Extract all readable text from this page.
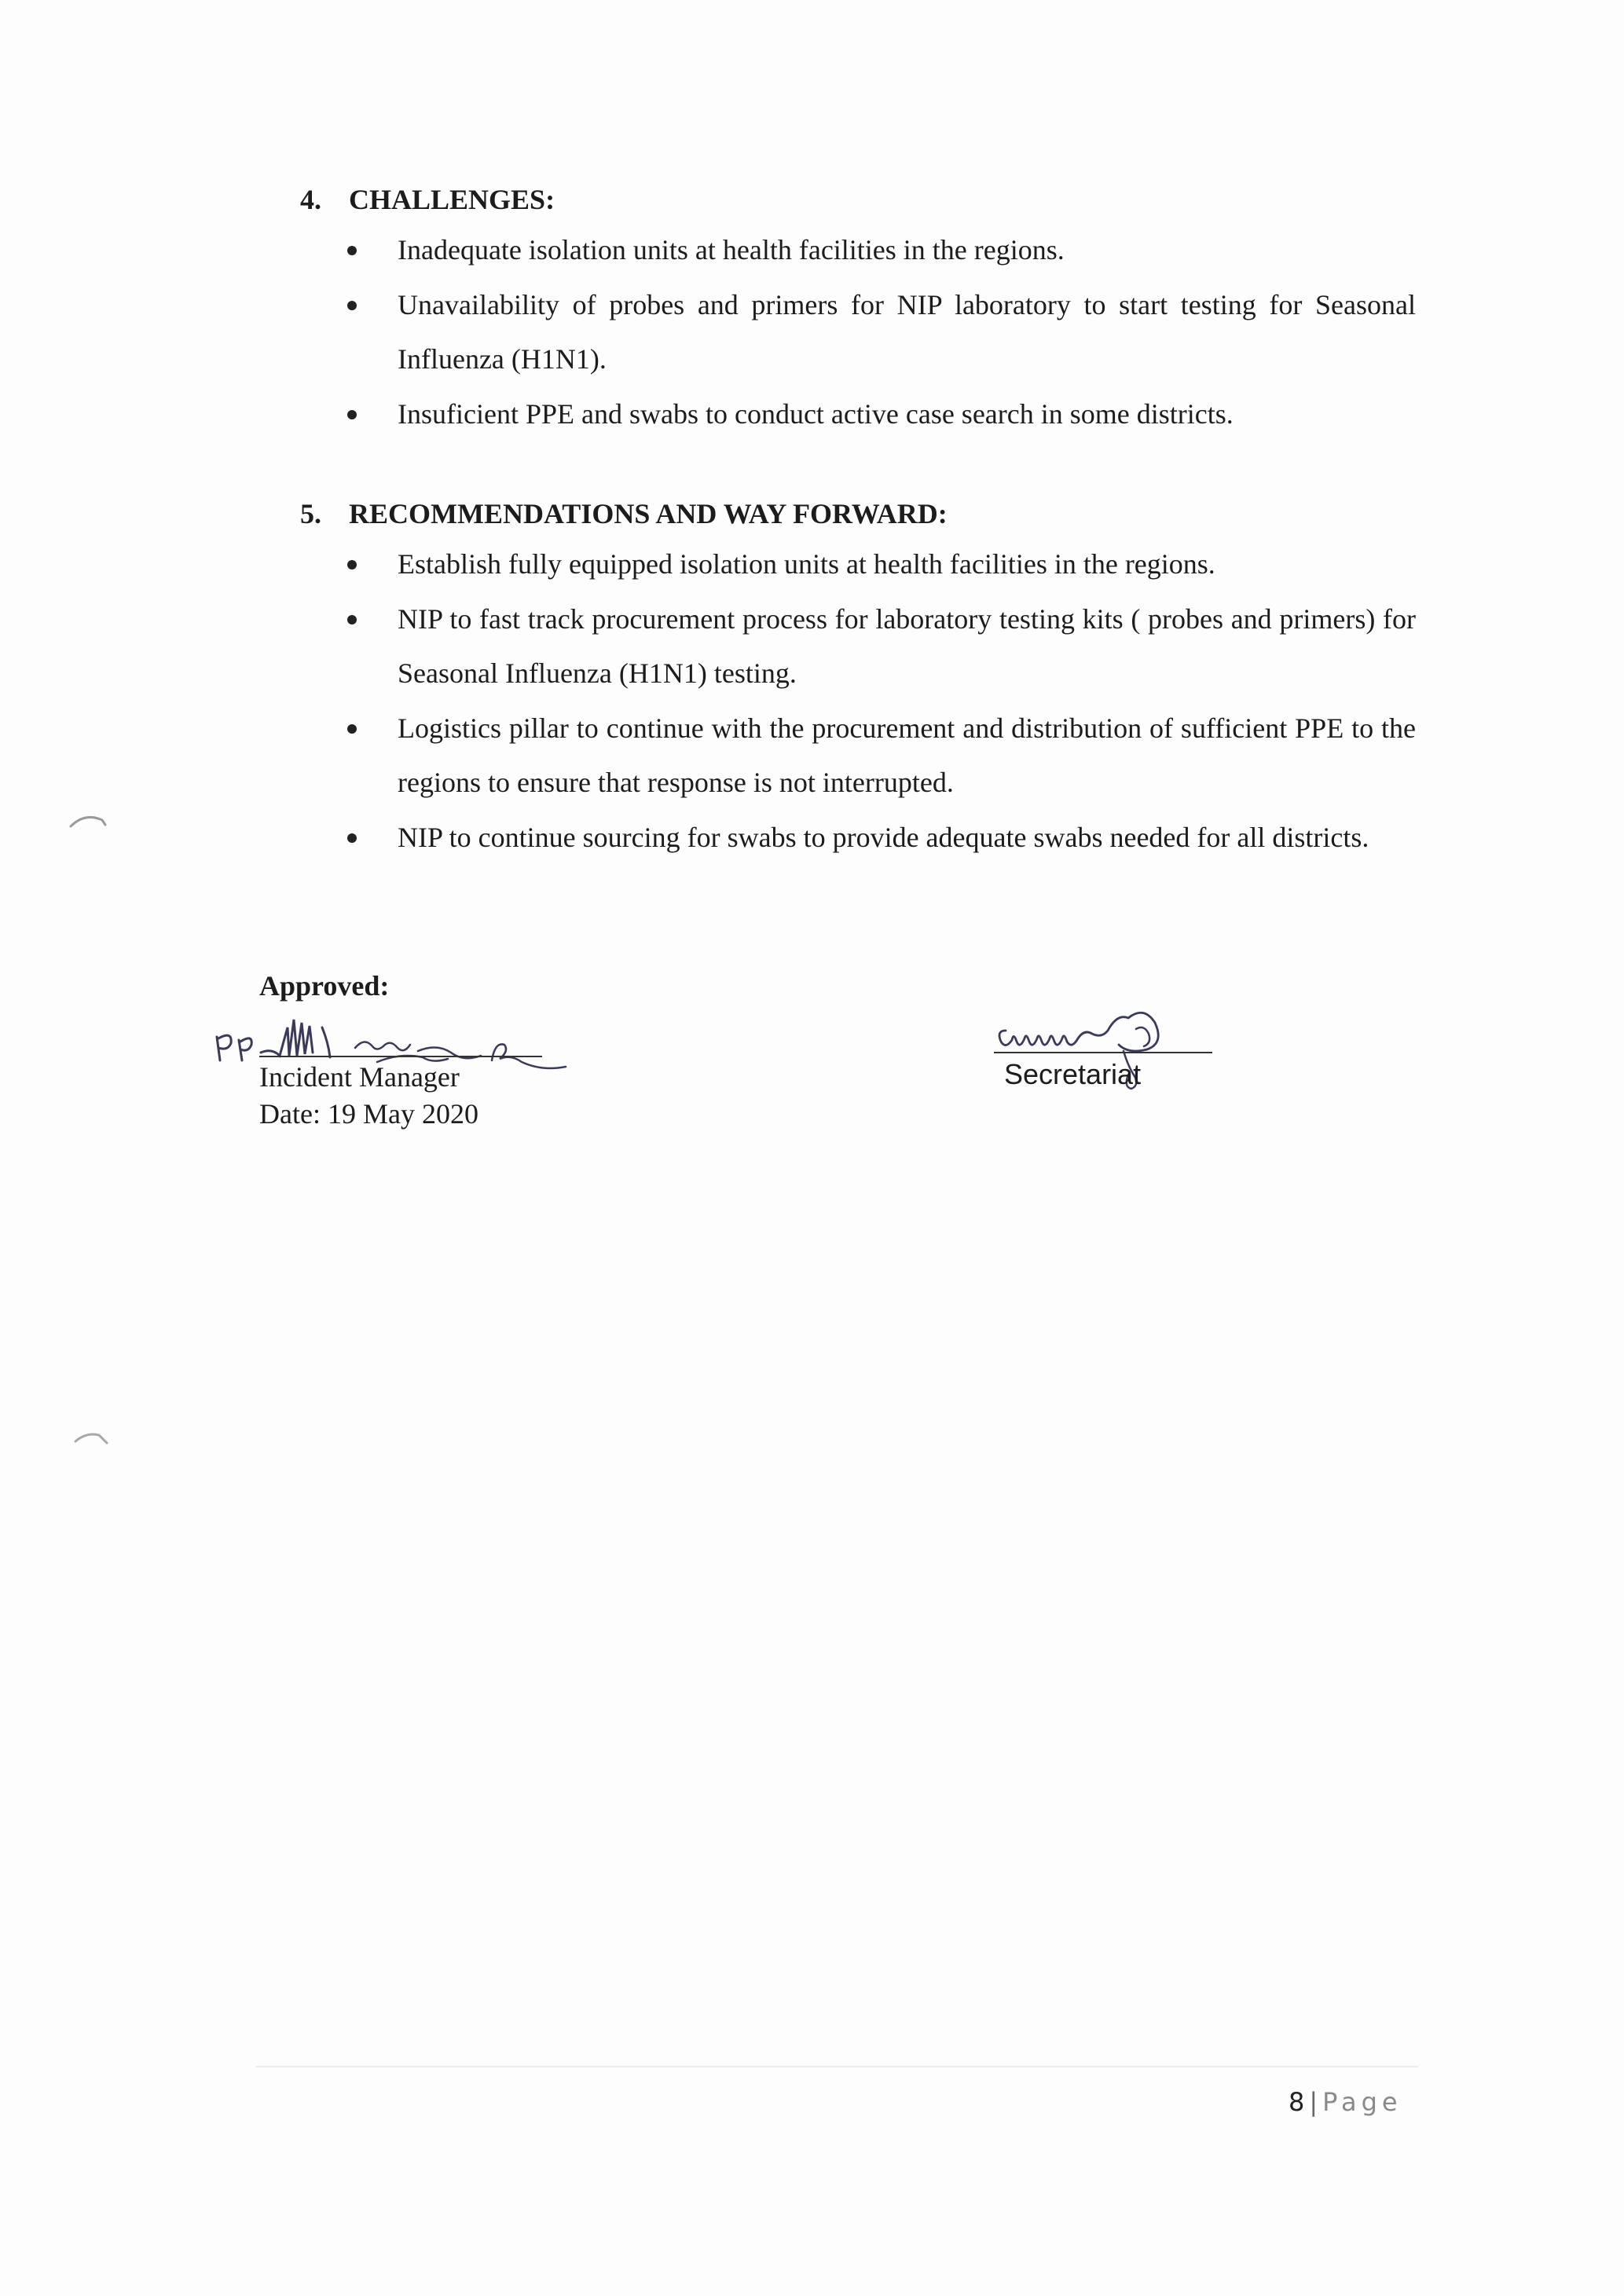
4. CHALLENGES:
Inadequate isolation units at health facilities in the regions.
Unavailability of probes and primers for NIP laboratory to start testing for Seasonal Influenza (H1N1).
Insuficient PPE and swabs to conduct active case search in some districts.
5. RECOMMENDATIONS AND WAY FORWARD:
Establish fully equipped isolation units at health facilities in the regions.
NIP to fast track procurement process for laboratory testing kits ( probes and primers) for Seasonal Influenza (H1N1) testing.
Logistics pillar to continue with the procurement and distribution of sufficient PPE to the regions to ensure that response is not interrupted.
NIP to continue sourcing for swabs to provide adequate swabs needed for all districts.
Approved:
Incident Manager
Date: 19 May 2020
Secretariat
8 | Page
